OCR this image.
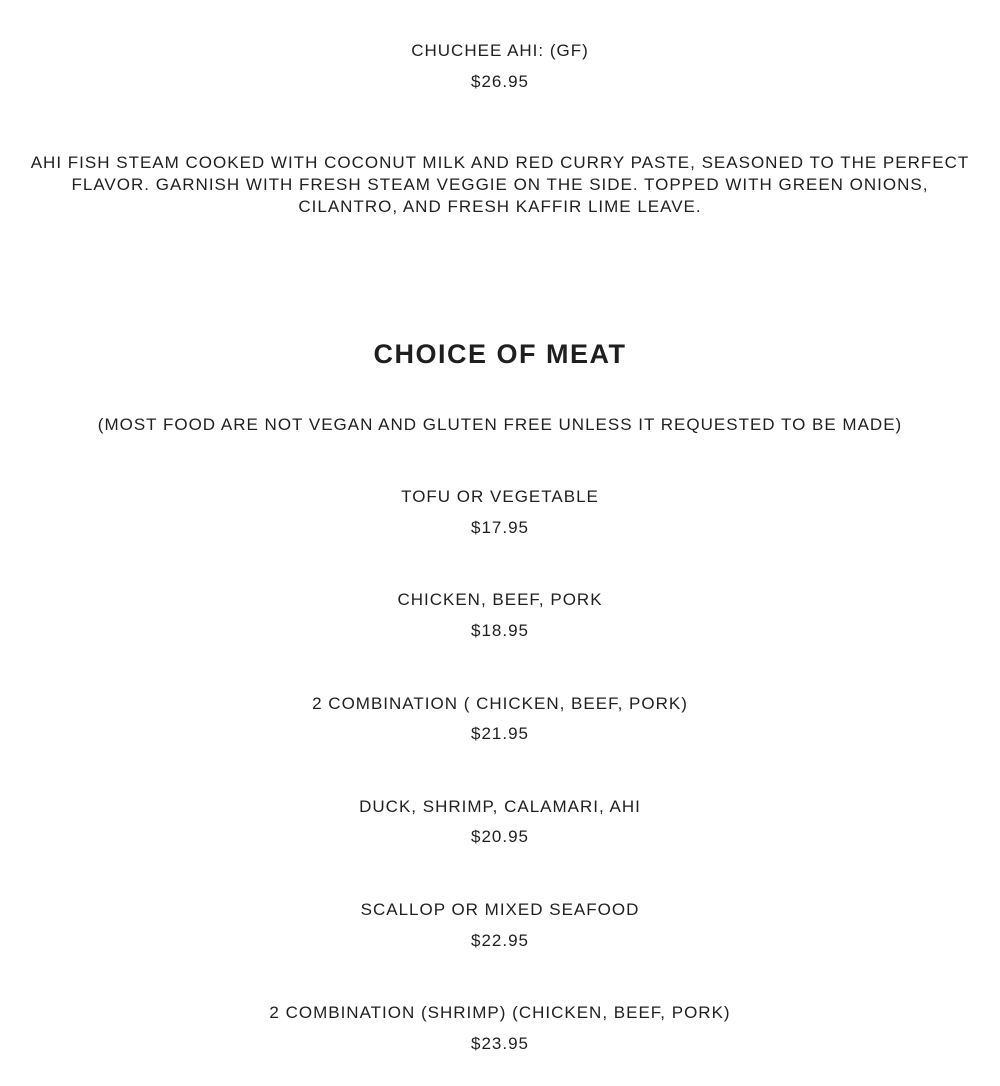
CHUCHEE AHI: (GF)
$26.95
AHI FISH STEAM COOKED WITH COCONUT MILK AND RED CURRY PASTE, SEASONED TO THE PERFECT FLAVOR. GARNISH WITH FRESH STEAM VEGGIE ON THE SIDE. TOPPED WITH GREEN ONIONS, CILANTRO, AND FRESH KAFFIR LIME LEAVE.
CHOICE OF MEAT
(MOST FOOD ARE NOT VEGAN AND GLUTEN FREE UNLESS IT REQUESTED TO BE MADE)
TOFU OR VEGETABLE
$17.95
CHICKEN, BEEF, PORK
$18.95
2 COMBINATION ( CHICKEN, BEEF, PORK)
$21.95
DUCK, SHRIMP, CALAMARI, AHI
$20.95
SCALLOP OR MIXED SEAFOOD
$22.95
2 COMBINATION (SHRIMP) (CHICKEN, BEEF, PORK)
$23.95
